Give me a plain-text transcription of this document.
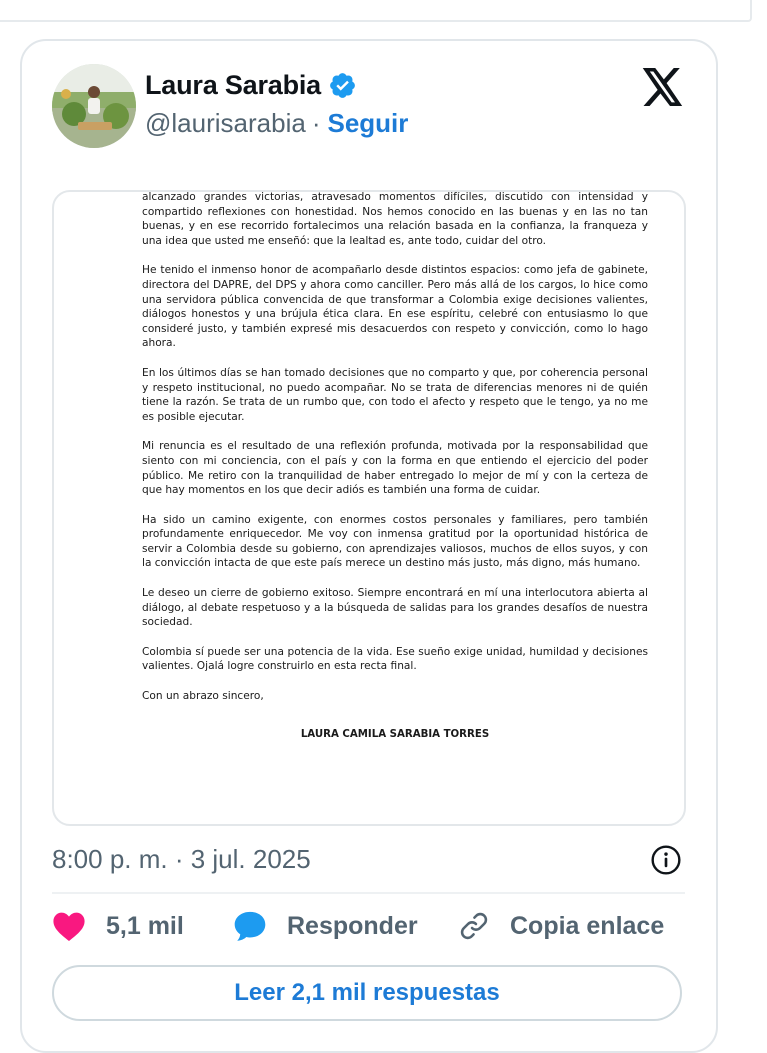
Laura Sarabia
@laurisarabia · Seguir

alcanzado grandes victorias, atravesado momentos difíciles, discutido con intensidad y compartido reflexiones con honestidad. Nos hemos conocido en las buenas y en las no tan buenas, y en ese recorrido fortalecimos una relación basada en la confianza, la franqueza y una idea que usted me enseñó: que la lealtad es, ante todo, cuidar del otro.

He tenido el inmenso honor de acompañarlo desde distintos espacios: como jefa de gabinete, directora del DAPRE, del DPS y ahora como canciller. Pero más allá de los cargos, lo hice como una servidora pública convencida de que transformar a Colombia exige decisiones valientes, diálogos honestos y una brújula ética clara. En ese espíritu, celebré con entusiasmo lo que consideré justo, y también expresé mis desacuerdos con respeto y convicción, como lo hago ahora.

En los últimos días se han tomado decisiones que no comparto y que, por coherencia personal y respeto institucional, no puedo acompañar. No se trata de diferencias menores ni de quién tiene la razón. Se trata de un rumbo que, con todo el afecto y respeto que le tengo, ya no me es posible ejecutar.

Mi renuncia es el resultado de una reflexión profunda, motivada por la responsabilidad que siento con mi conciencia, con el país y con la forma en que entiendo el ejercicio del poder público. Me retiro con la tranquilidad de haber entregado lo mejor de mí y con la certeza de que hay momentos en los que decir adiós es también una forma de cuidar.

Ha sido un camino exigente, con enormes costos personales y familiares, pero también profundamente enriquecedor. Me voy con inmensa gratitud por la oportunidad histórica de servir a Colombia desde su gobierno, con aprendizajes valiosos, muchos de ellos suyos, y con la convicción intacta de que este país merece un destino más justo, más digno, más humano.

Le deseo un cierre de gobierno exitoso. Siempre encontrará en mí una interlocutora abierta al diálogo, al debate respetuoso y a la búsqueda de salidas para los grandes desafíos de nuestra sociedad.

Colombia sí puede ser una potencia de la vida. Ese sueño exige unidad, humildad y decisiones valientes. Ojalá logre construirlo en esta recta final.

Con un abrazo sincero,

LAURA CAMILA SARABIA TORRES

8:00 p. m. · 3 jul. 2025
5,1 mil	Responder	Copia enlace
Leer 2,1 mil respuestas
